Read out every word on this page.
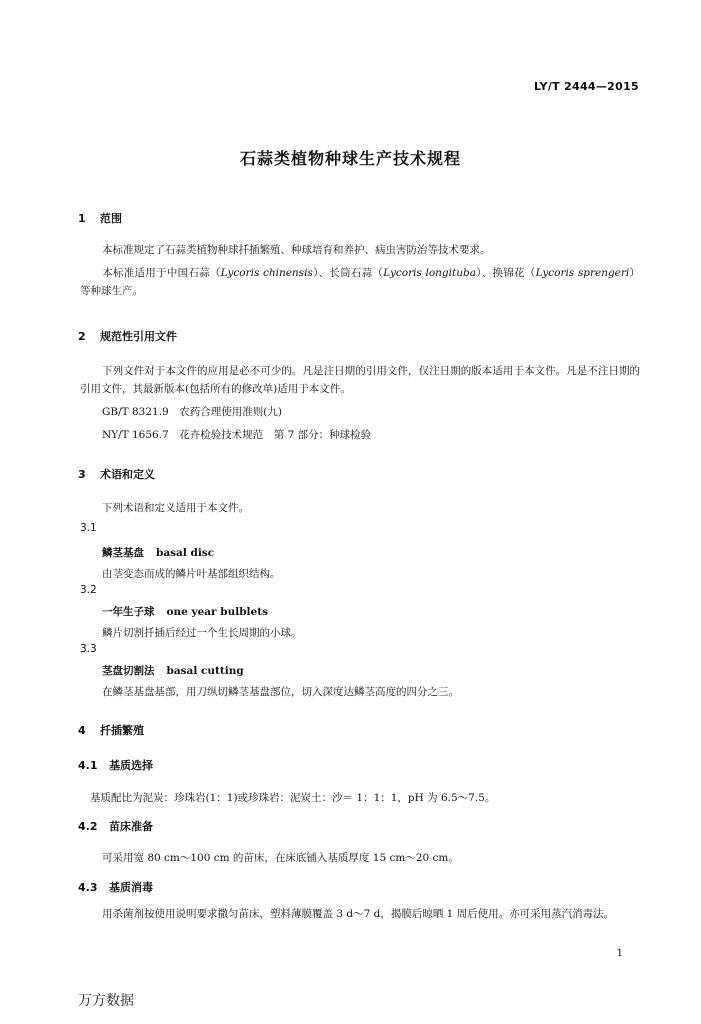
LY/T 2444—2015
石蒜类植物种球生产技术规程
1 范围
本标准规定了石蒜类植物种球扦插繁殖、种球培育和养护、病虫害防治等技术要求。
本标准适用于中国石蒜（Lycoris chinensis）、长筒石蒜（Lycoris longituba）、换锦花（Lycoris sprengeri）等种球生产。
2 规范性引用文件
下列文件对于本文件的应用是必不可少的。凡是注日期的引用文件，仅注日期的版本适用于本文件。凡是不注日期的引用文件，其最新版本(包括所有的修改单)适用于本文件。
GB/T 8321.9　农药合理使用准则(九)
NY/T 1656.7　花卉检验技术规范　第 7 部分：种球检验
3 术语和定义
下列术语和定义适用于本文件。
3.1
鳞茎基盘 basal disc
由茎变态而成的鳞片叶基部组织结构。
3.2
一年生子球 one year bulblets
鳞片切割扦插后经过一个生长周期的小球。
3.3
茎盘切割法 basal cutting
在鳞茎基盘基部，用刀纵切鳞茎基盘部位，切入深度达鳞茎高度的四分之三。
4 扦插繁殖
4.1 基质选择
基质配比为泥炭：珍珠岩(1：1)或珍珠岩：泥炭土：沙＝ 1：1：1，pH 为 6.5～7.5。
4.2 苗床准备
可采用宽 80 cm～100 cm 的苗床，在床底铺入基质厚度 15 cm～20 cm。
4.3 基质消毒
用杀菌剂按使用说明要求撒匀苗床，塑料薄膜覆盖 3 d～7 d，揭膜后晾晒 1 周后使用。亦可采用蒸汽消毒法。
1
万方数据
